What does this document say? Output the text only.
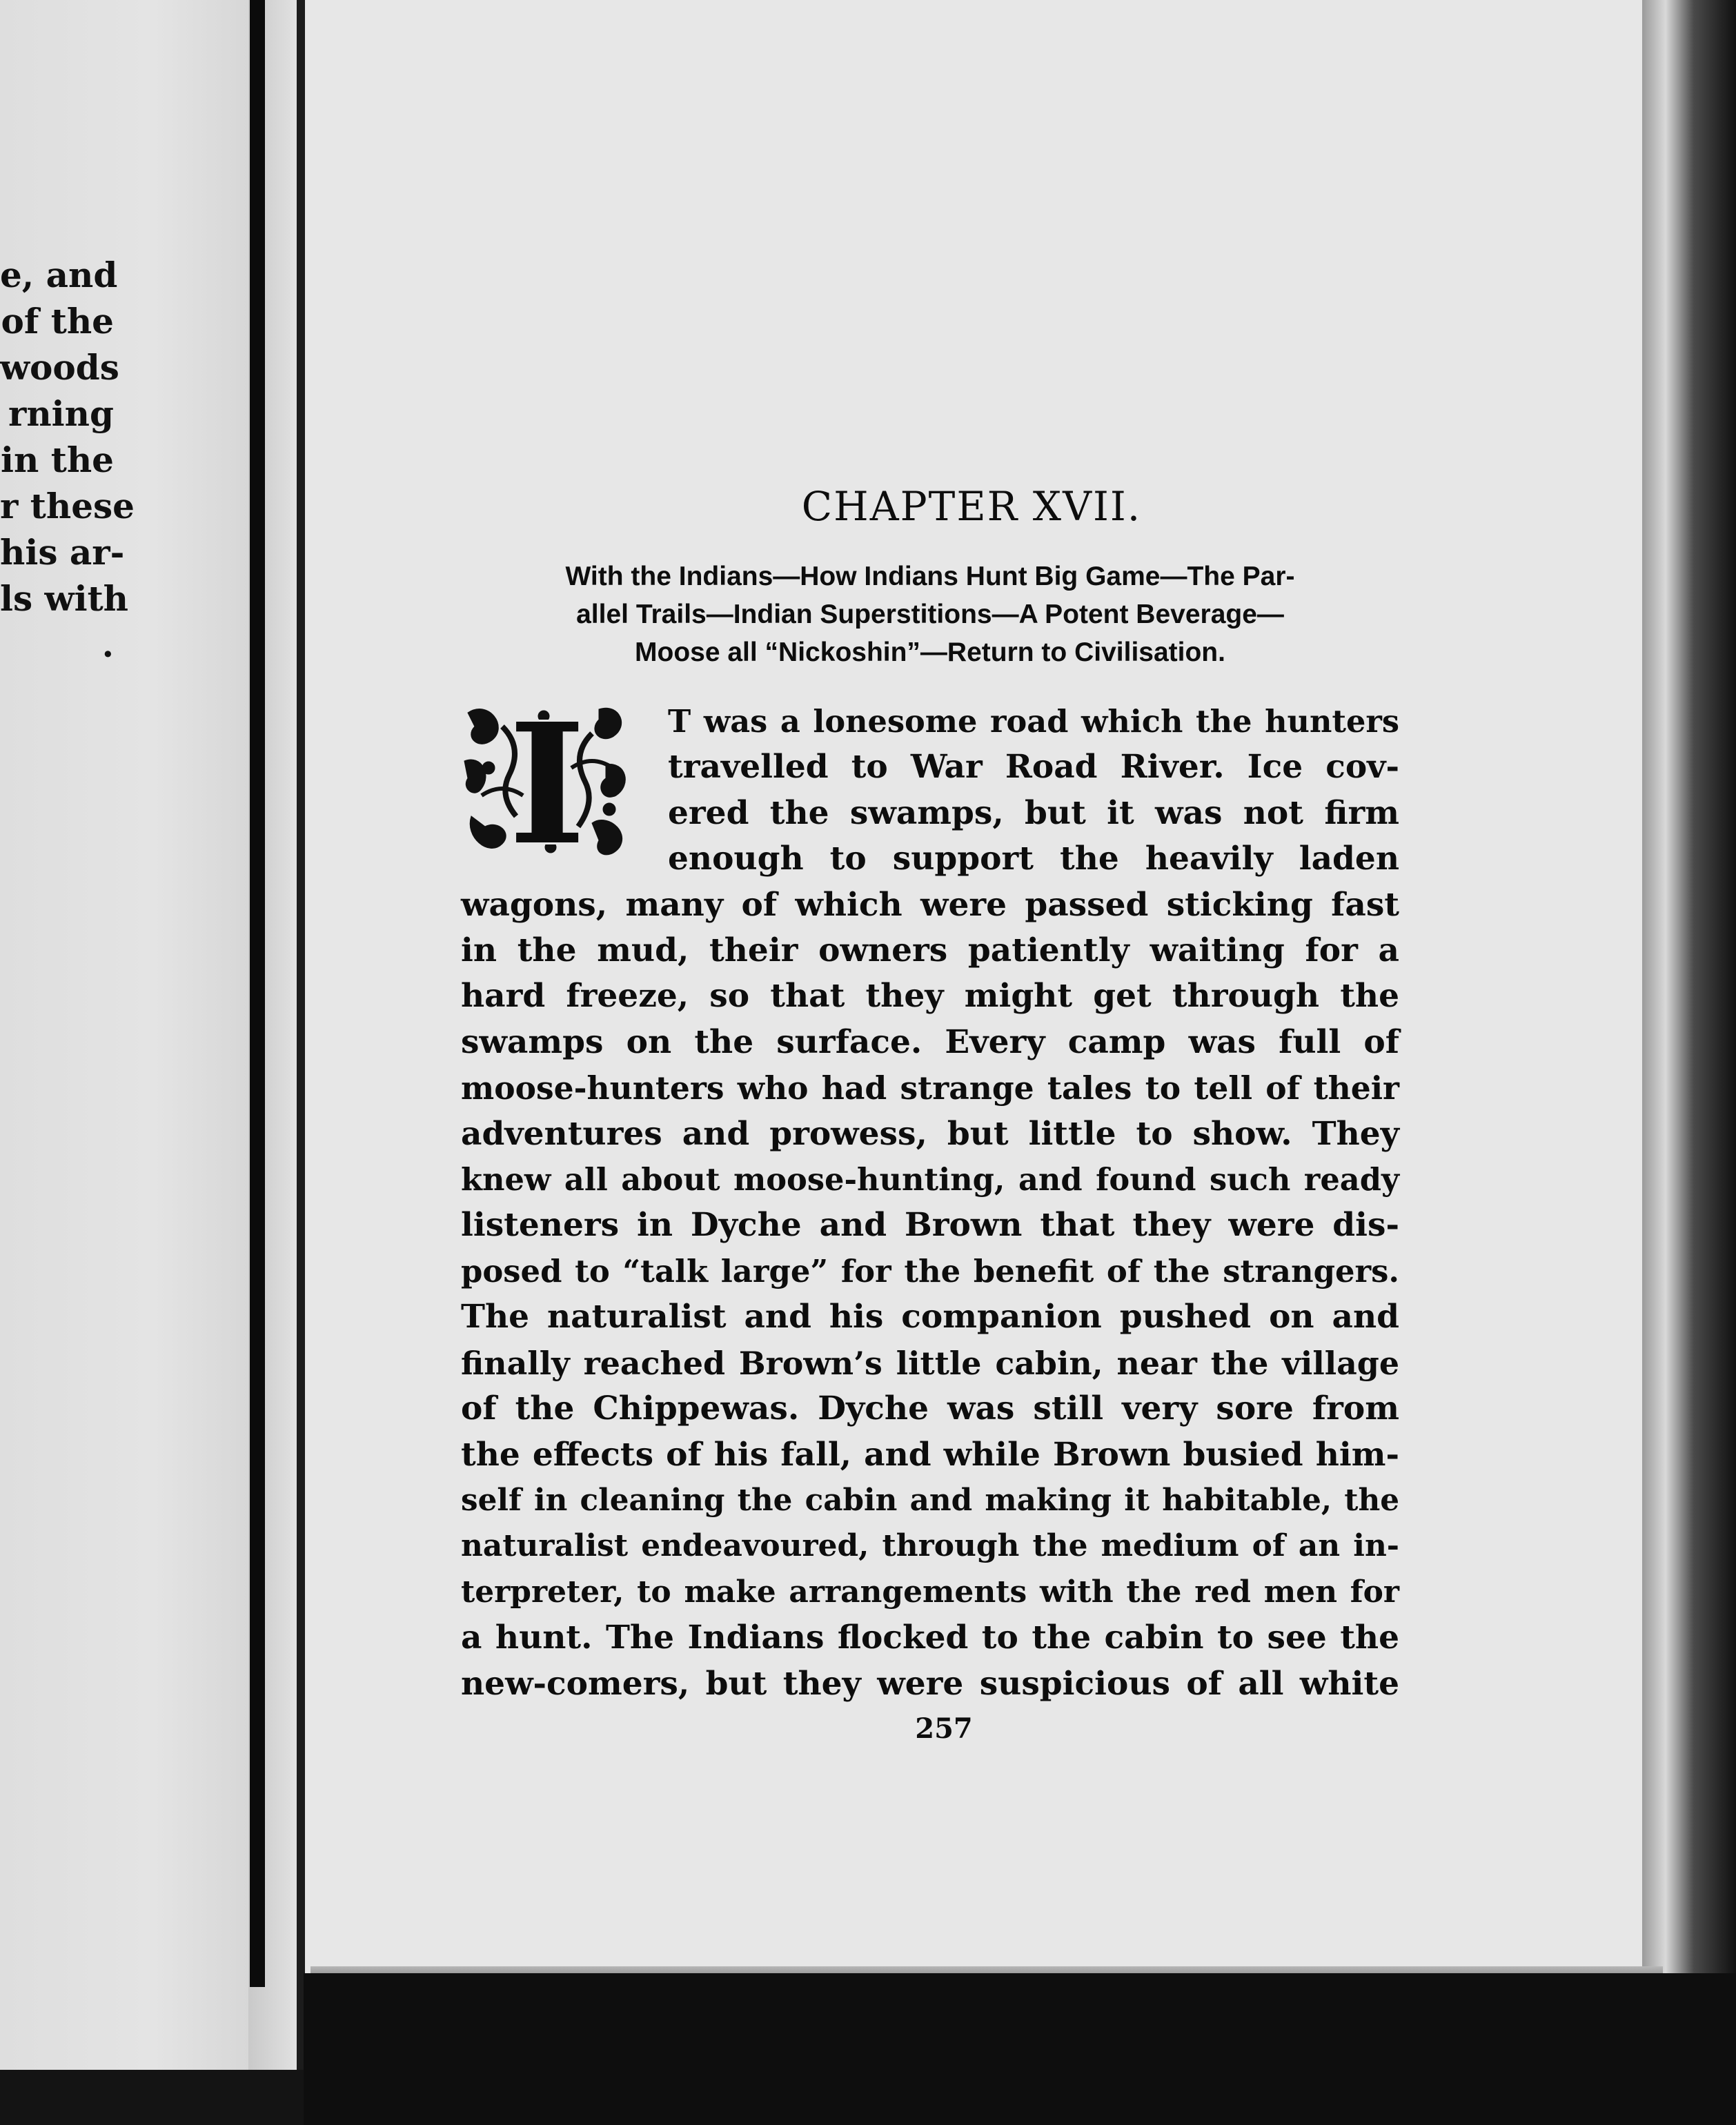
e, and
of the
woods
rning
in the
r these
his ar-
ls with
.
CHAPTER XVII.
With the Indians—How Indians Hunt Big Game—The Par-
allel Trails—Indian Superstitions—A Potent Beverage—
Moose all “Nickoshin”—Return to Civilisation.
I	T was a lonesome road which the hunters
travelled to War Road River. Ice cov-
ered the swamps, but it was not firm
enough to support the heavily laden
wagons, many of which were passed sticking fast
in the mud, their owners patiently waiting for a
hard freeze, so that they might get through the
swamps on the surface. Every camp was full of
moose-hunters who had strange tales to tell of their
adventures and prowess, but little to show. They
knew all about moose-hunting, and found such ready
listeners in Dyche and Brown that they were dis-
posed to “talk large” for the benefit of the strangers.
The naturalist and his companion pushed on and
finally reached Brown’s little cabin, near the village
of the Chippewas. Dyche was still very sore from
the effects of his fall, and while Brown busied him-
self in cleaning the cabin and making it habitable, the
naturalist endeavoured, through the medium of an in-
terpreter, to make arrangements with the red men for
a hunt. The Indians flocked to the cabin to see the
new-comers, but they were suspicious of all white
257
